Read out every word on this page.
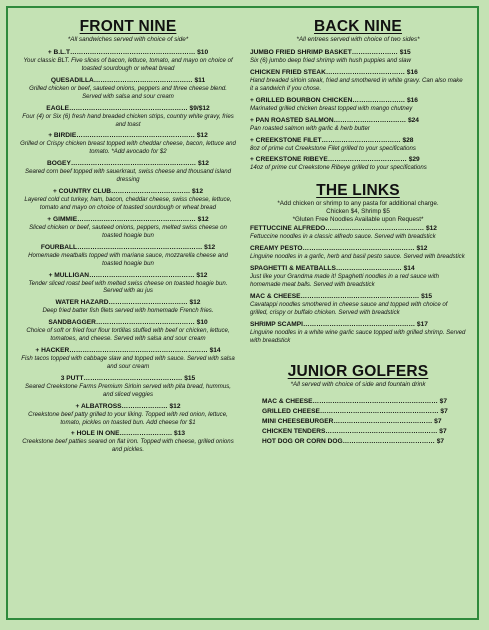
FRONT NINE
*All sandwiches served with choice of side*
+ B.L.T………………………………………………… $10
Your classic BLT. Five slices of bacon, lettuce, tomato, and mayo on choice of toasted sourdough or wheat bread
QUESADILLA……………………………………… $11
Grilled chicken or beef, sauteed onions, peppers and three cheese blend. Served with salsa and sour cream
EAGLE……………………………………………… $9/$12
Four (4) or Six (6) fresh hand breaded chicken strips, country white gravy, fries and toast
+ BIRDIE……………………………………………… $12
Grilled or Crispy chicken breast topped with cheddar cheese, bacon, lettuce and tomato. *Add avocado for $2
BOGEY………………………………………………… $12
Seared corn beef topped with sauerkraut, swiss cheese and thousand island dressing
+ COUNTRY CLUB……………………………… $12
Layered cold cut turkey, ham, bacon, cheddar cheese, swiss cheese, lettuce, tomato and mayo on choice of toasted sourdough or wheat bread
+ GIMMIE……………………………………………… $12
Sliced chicken or beef, sauteed onions, peppers, melted swiss cheese on toasted hoagie bun
FOURBALL………………………………………………… $12
Homemade meatballs topped with mariana sauce, mozzarella cheese and toasted hoagie bun
+ MULLIGAN………………………………………… $12
Tender sliced roast beef with melted swiss cheese on toasted hoagie bun. Served with au jus
WATER HAZARD……………………………… $12
Deep fried batter fish filets served with homemade French fries.
SANDBAGGER……………………………………… $10
Choice of soft or fried four flour tortillas stuffed with beef or chicken, lettuce, tomatoes, and cheese. Served with salsa and sour cream
+ HACKER……………………………………………………… $14
Fish tacos topped with cabbage slaw and topped with sauce. Served with salsa and sour cream
3 PUTT……………………………………… $15
Seared Creekstone Farms Premium Sirloin served with pita bread, hummus, and sliced veggies
+ ALBATROSS………………… $12
Creekstone beef patty grilled to your liking. Topped with red onion, lettuce, tomato, pickles on toasted bun. Add cheese for $1
+ HOLE IN ONE…………………… $13
Creekstone beef patties seared on flat iron. Topped with cheese, grilled onions and pickles.
BACK NINE
*All entrees served with choice of two sides*
JUMBO FRIED SHRIMP BASKET………………… $15
Six (6) jumbo deep fried shrimp with hush puppies and slaw
CHICKEN FRIED STEAK……………………………… $16
Hand breaded sirloin steak, fried and smothered in white gravy. Can also make it a sandwich if you chose.
+ GRILLED BOURBON CHICKEN…………………… $16
Marinated grilled chicken breast topped with mango chutney
+ PAN ROASTED SALMON…………………………… $24
Pan roasted salmon with garlic & herb butter
+ CREEKSTONE FILET……………………………… $28
8oz of prime cut Creekstone Filet grilled to your specifications
+ CREEKSTONE RIBEYE……………………………… $29
14oz of prime cut Creekstone Ribeye grilled to your specifications
THE LINKS
*Add chicken or shrimp to any pasta for additional charge.
Chicken $4, Shrimp $5
*Gluten Free Noodles Available upon Request*
FETTUCCINE ALFREDO……………………………………… $12
Fettuccine noodles in a classic alfredo sauce. Served with breadstick
CREAMY PESTO…………………………………………… $12
Linguine noodles in a garlic, herb and basil pesto sauce. Served with breadstick
SPAGHETTI & MEATBALLS………………………… $14
Just like your Grandma made it! Spaghetti noodles in a red sauce with homemade meat balls. Served with breadstick
MAC & CHEESE……………………………………………… $15
Cavatappi noodles smothered in cheese sauce and topped with choice of grilled, crispy or buffalo chicken. Served with breadstick
SHRIMP SCAMPI…………………………………………… $17
Linguine noodles in a white wine garlic sauce topped with grilled shrimp. Served with breadstick
JUNIOR GOLFERS
*All served with choice of side and fountain drink
MAC & CHEESE………………………………………………… $7
GRILLED CHEESE……………………………………………… $7
MINI CHEESEBURGER……………………………………… $7
CHICKEN TENDERS…………………………………………… $7
HOT DOG OR CORN DOG…………………………………… $7
